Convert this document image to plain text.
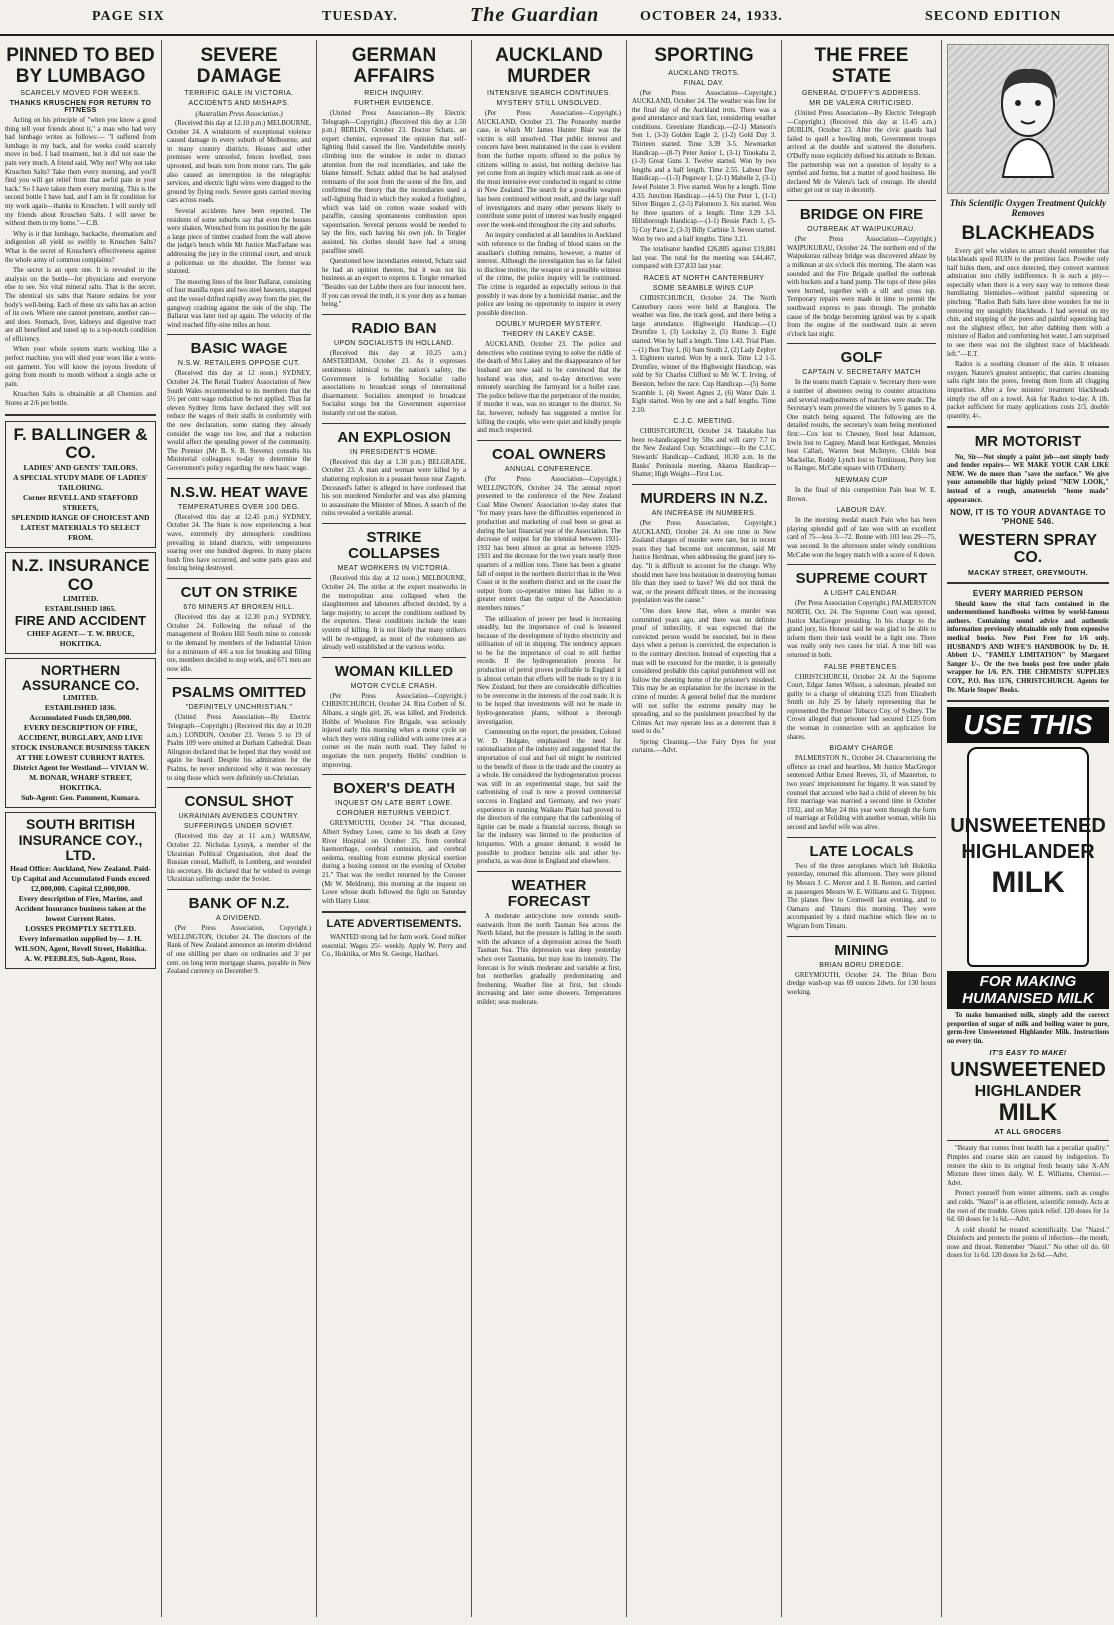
PAGE SIX	TUESDAY.	The Guardian	OCTOBER 24, 1933.	SECOND EDITION
PINNED TO BED BY LUMBAGO
SCARCELY MOVED FOR WEEKS.
THANKS KRUSCHEN FOR RETURN TO FITNESS

Acting on his principle of "when you know a good thing tell your friends about it," a man who had very bad lumbago writes as follows:— "I suffered from lumbago in my back, and for weeks could scarcely move in bed. I had treatment, but it did not ease the pain very much. A friend said, 'Why not? Why not take Kruschen Salts? Take them every morning, and you'll find you will get relief from that awful pain in your back.' So I have taken them every morning. This is the second bottle I have had, and I am in fit condition for my work again—thanks to Kruschen. I will surely tell my friends about Kruschen Salts. I will never be without them in my home."—C.B.

Why is it that lumbago, backache, rheumatism and indigestion all yield so swiftly to Kruschen Salts? What is the secret of Kruschen's effectiveness against the whole army of common complaints?

The secret is an open one. It is revealed in the analysis on the bottle—for physicians and everyone else to see. Six vital mineral salts. That is the secret. The identical six salts that Nature ordains for your body's well-being. Each of these six salts has an action of its own. Where one cannot penetrate, another can—and does. Stomach, liver, kidneys and digestive tract are all benefited and toned up to a top-notch condition of efficiency.

When your whole system starts working like a perfect machine, you will shed your woes like a worn-out garment. You will know the joyous freedom of going from month to month without a single ache or pain.

Kruschen Salts is obtainable at all Chemists and Stores at 2/6 per bottle.

F. BALLINGER & CO.
LADIES' AND GENTS' TAILORS.
A SPECIAL STUDY MADE OF LADIES' TAILORING.
Corner REVELL AND STAFFORD STREETS,
SPLENDID RANGE OF CHOICEST AND LATEST MATERIALS TO SELECT FROM.
N.Z. INSURANCE CO
LIMITED.
ESTABLISHED 1865.
FIRE AND ACCIDENT
CHIEF AGENT— T. W. BRUCE, HOKITIKA.
NORTHERN ASSURANCE CO.
LIMITED.
ESTABLISHED 1836.
Accumulated Funds £8,500,000.
EVERY DESCRIPTION OF FIRE, ACCIDENT, BURGLARY, AND LIVE STOCK INSURANCE BUSINESS TAKEN AT THE LOWEST CURRENT RATES.
District Agent for Westland— VIVIAN W. M. BONAR, WHARF STREET, HOKITIKA.
Sub-Agent: Geo. Pamment, Kumara.
SOUTH BRITISH INSURANCE COY., LTD.
Head Office: Auckland, New Zealand. Paid-Up Capital and Accumulated Funds exceed £2,000,000. Capital £2,000,000.
Every description of Fire, Marine, and Accident Insurance business taken at the lowest Current Rates.
LOSSES PROMPTLY SETTLED.
Every information supplied by— J. H. WILSON, Agent, Revell Street, Hokitika.
A. W. PEEBLES, Sub-Agent, Ross.
SEVERE DAMAGE
TERRIFIC GALE IN VICTORIA.
ACCIDENTS AND MISHAPS.
(Australian Press Association.)

(Received this day at 12.10 p.m.) MELBOURNE, October 24. A windstorm of exceptional violence caused damage in every suburb of Melbourne, and in many country districts. Houses and other premises were unroofed, fences levelled, trees uprooted, and boats torn from motor cars. The gale also caused an interruption in the telegraphic services, and electric light wires were dragged to the ground by flying roofs. Severe gusts carried moving cars across roads.

Several accidents have been reported. The residents of some suburbs say that even the houses were shaken. Wrenched from its position by the gale a large piece of timber crashed from the wall above the judge's bench while Mr Justice MacFarlane was addressing the jury in the criminal court, and struck a policeman on the shoulder. The former was stunned.

The mooring lines of the liner Ballarat, consisting of four manilla ropes and two steel hawsers, snapped and the vessel drifted rapidly away from the pier, the gangway crashing against the side of the ship. The Ballarat was later tied up again. The velocity of the wind reached fifty-nine miles an hour.

BASIC WAGE
N.S.W. RETAILERS OPPOSE CUT.

(Received this day at 12 noon.) SYDNEY, October 24. The Retail Traders' Association of New South Wales recommended to its members that the 5½ per cent wage reduction be not applied. Thus far eleven Sydney firms have declared they will not reduce the wages of their staffs in conformity with the new declaration, some stating they already consider the wage too low, and that a reduction would affect the spending power of the community. The Premier (Mr B. S. B. Stevens) consults his Ministerial colleagues to-day to determine the Government's policy regarding the new basic wage.

N.S.W. HEAT WAVE
TEMPERATURES OVER 100 DEG.

(Received this day at 12.45 p.m.) SYDNEY, October 24. The State is now experiencing a heat wave, extremely dry atmospheric conditions prevailing in inland districts, with temperatures soaring over one hundred degrees. In many places bush fires have occurred, and some parts grass and fencing being destroyed.

CUT ON STRIKE
670 MINERS AT BROKEN HILL.

(Received this day at 12.30 p.m.) SYDNEY, October 24. Following the refusal of the management of Broken Hill South mine to concede to the demand by members of the Industrial Union for a minimum of 4/6 a ton for breaking and filling ore, members decided to stop work, and 671 men are now idle.

PSALMS OMITTED
"DEFINITELY UNCHRISTIAN."

(United Press Association—By Electric Telegraph—Copyright.) (Received this day at 10.20 a.m.) LONDON, October 23. Verses 5 to 19 of Psalm 109 were omitted at Durham Cathedral. Dean Alington declared that he hoped that they would not again be heard. Despite his admiration for the Psalms, he never understood why it was necessary to sing those which were definitely un-Christian.

CONSUL SHOT
UKRAINIAN AVENGES COUNTRY.
SUFFERINGS UNDER SOVIET.

(Received this day at 11 a.m.) WARSAW, October 22. Nicholas Lysnyk, a member of the Ukrainian Political Organisation, shot dead the Russian consul, Mailloff, in Lemberg, and wounded his secretary. He declared that he wished to avenge Ukrainian sufferings under the Soviet.

BANK OF N.Z.
A DIVIDEND.

(Per Press Association, Copyright.) WELLINGTON, October 24. The directors of the Bank of New Zealand announce an interim dividend of one shilling per share on ordinaries and 3/ per cent. on long term mortgage shares, payable in New Zealand currency on December 9.

GERMAN AFFAIRS
REICH INQUIRY.
FURTHER EVIDENCE.

(United Press Association—By Electric Telegraph—Copyright.) (Received this day at 1.50 p.m.) BERLIN, October 23. Doctor Schatz, an expert chemist, expressed the opinion that self-lighting fluid caused the fire. Vanderlubbe merely climbing into the window in order to distract attention from the real incendiaries, and take the blame himself. Schatz added that he had analysed remnants of the soot from the scene of the fire, and confirmed the theory that the incendiaries used a self-lighting fluid in which they soaked a firelighter, which was laid on cotton waste soaked with paraffin, causing spontaneous combustion upon vapourisation. Several persons would be needed to lay the fire, each having his own job. In Torgler assisted, his clothes should have had a strong paraffine smell.

Questioned how incendiaries entered, Schatz said he had an opinion thereon, but it was not his business as an expert to express it. Torgler remarked "Besides van der Lubbe there are four innocent here. If you can reveal the truth, it is your duty as a human being."

RADIO BAN
UPON SOCIALISTS IN HOLLAND.

(Received this day at 10.25 a.m.) AMSTERDAM, October 23. As it expresses sentiments inimical to the nation's safety, the Government is forbidding Socialist radio associations to broadcast songs of international disarmament. Socialists attempted to broadcast Socialist songs but the Government supervisor instantly cut out the station.

AN EXPLOSION
IN PRESIDENT'S HOME.

(Received this day at 1.30 p.m.) BELGRADE, October 23. A man and woman were killed by a shattering explosion in a peasant house near Zagreb. Deceased's father is alleged to have confessed that his son murdered Nendorfer and was also planning to assassinate the Minister of Mines. A search of the ruins revealed a veritable arsenal.

STRIKE COLLAPSES
MEAT WORKERS IN VICTORIA.

(Received this day at 12 noon.) MELBOURNE, October 24. The strike at the export meatworks in the metropolitan area collapsed when the slaughtermen and labourers affected decided, by a large majority, to accept the conditions outlined by the exporters. These conditions include the team system of killing. It is not likely that many strikers will be re-engaged, as most of the volunteers are already well established at the various works.

WOMAN KILLED
MOTOR CYCLE CRASH.

(Per Press Association—Copyright.) CHRISTCHURCH, October 24. Rita Corbett of St. Albans, a single girl, 26, was killed, and Frederick Hobbs of Woolston Fire Brigade, was seriously injured early this morning when a motor cycle on which they were riding collided with some trees at a corner on the main north road. They failed to negotiate the turn properly. Hobbs' condition is improving.

BOXER'S DEATH
INQUEST ON LATE BERT LOWE.
CORONER RETURNS VERDICT.

GREYMOUTH, October 24. "That deceased, Albert Sydney Lowe, came to his death at Grey River Hospital on October 25, from cerebral haemorrhage, cerebral contusion, and cerebral oedema, resulting from extreme physical exertion during a boxing contest on the evening of October 21." That was the verdict returned by the Coroner (Mr W. Meldrum), this morning at the inquest on Lowe whose death followed the fight on Saturday with Harry Lister.

LATE ADVERTISEMENTS.

WANTED strong lad for farm work. Good milker essential. Wages 25/- weekly. Apply W. Perry and Co., Hokitika, or Mrs St. George, Harihari.

AUCKLAND MURDER
INTENSIVE SEARCH CONTINUES.
MYSTERY STILL UNSOLVED.

(Per Press Association—Copyright.) AUCKLAND, October 23. The Ponsonby murder case, in which Mr James Hunter Blair was the victim is still unsolved. That public interest and concern have been maintained in the case is evident from the further reports offered to the police by citizens willing to assist, but nothing decisive has yet come from an inquiry which must rank as one of the most intensive ever conducted in regard to crime in New Zealand. The search for a possible weapon has been continued without result, and the large staff of investigators and many other persons likely to contribute some point of interest was busily engaged over the week-end throughout the city and suburbs.

An inquiry conducted at all laundries in Auckland with reference to the finding of blood stains on the assailant's clothing remains, however, a matter of interest. Although the investigation has so far failed to disclose motive, the weapon or a possible witness of the crime, the police inquiry will be continued. The crime is regarded as especially serious in that possibly it was done by a homicidal maniac, and the police are losing no opportunity to inquire in every possible direction.

DOUBLY MURDER MYSTERY.
THEORY IN LAKEY CASE.

AUCKLAND, October 23. The police and detectives who continue trying to solve the riddle of the death of Mrs Lakey and the disappearance of her husband are now said to be convinced that the husband was shot, and to-day detectives were minutely searching the farmyard for a bullet case. The police believe that the perpetrator of the murder, if murder it was, was no stranger to the district. So far, however, nobody has suggested a motive for killing the couple, who were quiet and kindly people and much respected.

COAL OWNERS
ANNUAL CONFERENCE.

(Per Press Association—Copyright.) WELLINGTON, October 24. The annual report presented to the conference of the New Zealand Coal Mine Owners' Association to-day states that "for many years have the difficulties experienced in production and marketing of coal been so great as during the last financial year of the Association. The decrease of output for the triennial between 1931-1932 has been almost as great as between 1929-1931 and the decrease for the two years nearly three quarters of a million tons. There has been a greater fall of output in the northern district than in the West Coast or in the southern district and on the coast the output from co-operative mines has fallen to a greater extent than the output of the Association members mines."

The utilisation of power per head is increasing steadily, but the importance of coal is lessened because of the development of hydro electricity and utilisation of oil in shipping. The tendency appears to be for the importance of coal to still further recede. If the hydrogeneration process for production of petrol proves profitable in England it is almost certain that efforts will be made to try it in New Zealand, but there are considerable difficulties to be overcome in the interests of the coal trade. It is to be hoped that investments will not be made in hydro-generation plants, without a thorough investigation.

Commenting on the report, the president, Colonel W. D. Holgate, emphasised the need for rationalisation of the industry and suggested that the importation of coal and fuel oil might be restricted to the benefit of those in the trade and the country as a whole. He considered the hydrogeneration process was still in an experimental stage, but said the carbonising of coal is now a proved commercial success in England and Germany, and two years' experience in running Waikato Plain had proved to the directors of the company that the carbonising of lignite can be made a financial success, though so far the industry was limited to the production of briquettes. With a greater demand, it would be possible to produce benzine oils and other by-products, as was done in England and elsewhere.

WEATHER FORECAST

A moderate anticyclone now extends south-eastwards from the north Tasman Sea across the North Island, but the pressure is falling in the south with the advance of a depression across the South Tasman Sea. This depression was deep yesterday when over Tasmania, but may lose its intensity. The forecast is for winds moderate and variable at first, but northerlies gradually predominating and freshening. Weather fine at first, but clouds increasing and later some showers. Temperatures milder; seas moderate.

SPORTING
AUCKLAND TROTS.
FINAL DAY.

(Per Press Association—Copyright.) AUCKLAND, October 24. The weather was fine for the final day of the Auckland trots. There was a good attendance and track fast, considering weather conditions. Greenlane Handicap.—(2-1) Manson's Son 1, (3-3) Golden Eagle 2, (1-2) Gold Day 3. Thirteen started. Time 3.39 3-5. Newmarket Handicap.—(8-7) Peter Junior 1, (3-1) Tinokaha 2, (1-3) Great Guns 3. Twelve started. Won by two lengths and a half length. Time 2.55. Labour Day Handicap.—(1-3) Pegaway 1, (2-1) Mabelle 2, (3-1) Jewel Pointer 3. Five started. Won by a length. Time 4.33. Junction Handicap.—(4-5) Our Peter 1, (1-1) Silver Bingen 2, (2-5) Palomoro 3. Six started. Won by three quarters of a length. Time 3.29 3-5. Hillsborough Handicap.—(1-1) Bessie Patch 1, (5-5) Coy Paree 2, (3-3) Billy Carbine 3. Seven started. Won by two and a half lengths. Time 3.21.

The totalisator handled £26,885 against £19,881 last year. The total for the meeting was £44,467, compared with £37,833 last year.

RACES AT NORTH CANTERBURY
SOME SEAMBLE WINS CUP.

CHRISTCHURCH, October 24. The North Canterbury races were held at Rangiora. The weather was fine, the track good, and there being a large attendance. Highweight Handicap.—(1) Drumfire 1, (3) Lockslay 2, (5) Rumo 3. Eight started. Won by half a length. Time 1.43. Trial Plate.—(1) Bon Tray 1, (6) Sam Smith 2, (2) Lady Zephyr 3. Eighteen started. Won by a neck. Time 1.2 1-5. Drumfire, winner of the Highweight Handicap, was sold by Sir Charles Clifford to Mr W. T. Irving, of Beeston, before the race. Cup Handicap.—(5) Some Scamble 1, (4) Sweet Agnes 2, (6) Water Dale 3. Eight started. Won by one and a half lengths. Time 2.10.

C.J.C. MEETING.

CHRISTCHURCH, October 24. Takakahu has been re-handicapped by 5lbs and will carry 7.7 in the New Zealand Cup. Scratchings:—In the C.J.C. Stewards' Handicap—Cudland, 10.30 a.m. In the Banks' Peninsula meeting, Akaroa Handicap—Shatter; High Weight—First Lux.

MURDERS IN N.Z.
AN INCREASE IN NUMBERS.

(Per Press Association, Copyright.) AUCKLAND, October 24. At one time in New Zealand charges of murder were rare, but in recent years they had become not uncommon, said Mr Justice Herdman, when addressing the grand jury to-day. "It is difficult to account for the change. Why should men have less hesitation in destroying human life than they used to have? We did not think the war, or the present difficult times, or the increasing population was the cause."

"One does know that, when a murder was committed years ago, and there was no definite proof of imbecility, it was expected that the convicted person would be executed, but in these days when a person is convicted, the expectation is to the contrary direction. Instead of expecting that a man will be executed for the murder, it is generally considered probable this capital punishment will not follow the sheeting home of the prisoner's misdeed. This may be an explanation for the increase in the crime of murder. A general belief that the murderer will not suffer the extreme penalty may be spreading, and so the punishment prescribed by the Crimes Act may operate less as a deterrent than it used to do."

Spring Cleaning.—Use Fairy Dyes for your curtains.—Advt.

THE FREE STATE
GENERAL O'DUFFY'S ADDRESS.
MR DE VALERA CRITICISED.

(United Press Association—By Electric Telegraph—Copyright.) (Received this day at 11.45 a.m.) DUBLIN, October 23. After the civic guards had failed to quell a howling mob, Government troops arrived at the double and scattered the disturbers. O'Duffy more explicitly defined his attitude to Britain. The partnership was not a question of loyalty to a symbol and forms, but a matter of good business. He declared Mr de Valera's lack of courage. He should either get out or stay in decently.

BRIDGE ON FIRE
OUTBREAK AT WAIPUKURAU.

(Per Press Association—Copyright.) WAIPUKURAU, October 24. The northern end of the Waipukurau railway bridge was discovered ablaze by a milkman at six o'clock this morning. The alarm was sounded and the Fire Brigade quelled the outbreak with buckets and a hand pump. The tops of three piles were burned, together with a sill and cross top. Temporary repairs were made in time to permit the southward express to pass through. The probable cause of the bridge becoming ignited was by a spark from the engine of the southward train at seven o'clock last night.

GOLF
CAPTAIN V. SECRETARY MATCH

In the teams match Captain v. Secretary there were a number of absentees owing to counter attractions and several readjustments of matches were made. The Secretary's team proved the winners by 5 games to 4. One match being squared. The following are the detailed results, the secretary's team being mentioned first:—Cox lost to Chesney, Steel beat Adamson, Irwin lost to Cagney, Mandl beat Kettlegast, Menzies beat Callari, Warren beat McIntyre, Childs beat Mackellar, Roddy Lynch lost to Tomlinson, Perry lost to Rainger, McCabe square with O'Doherty.

NEWMAN CUP

In the final of this competition Pain beat W. E. Brown.

LABOUR DAY.

In the morning medal match Pain who has been playing splendid golf of late won with an excellent card of 75—less 3—72. Bonne with 103 less 29—75, was second. In the afternoon under windy conditions McCabe won the bogey match with a score of 6 down.

SUPREME COURT
A LIGHT CALENDAR.

(Per Press Association Copyright.) PALMERSTON NORTH, Oct. 24. The Supreme Court was opened, Justice MacGregor presiding. In his charge to the grand jury, his Honour said he was glad to be able to inform them their task would be a light one. There was really only two cases for trial. A true bill was returned in both.

FALSE PRETENCES.

CHRISTCHURCH, October 24. At the Supreme Court, Edgar James Wilson, a salesman, pleaded not guilty to a charge of obtaining £125 from Elizabeth Smith on July 25 by falsely representing that he represented the Premier Tobacco Coy. of Sydney. The Crown alleged that prisoner had secured £125 from the woman in connection with an application for shares.

BIGAMY CHARGE

PALMERSTON N., October 24. Characterising the offence as cruel and heartless, Mr Justice MacGregor sentenced Arthur Ernest Reeves, 31, of Masterton, to two years' imprisonment for bigamy. It was stated by counsel that accused who had a child of eleven by his first marriage was married a second time in October 1932, and on May 24 this year went through the form of marriage at Feilding with another woman, while his second and lawful wife was alive.

LATE LOCALS

Two of the three aeroplanes which left Hokitika yesterday, returned this afternoon. They were piloted by Messrs J. C. Mercer and J. B. Renton, and carried as passengers Messrs W. E. Williams and G. Trippner. The planes flew to Cromwell last evening, and to Oamaru and Timaru this morning. They were accompanied by a third machine which flew on to Wigram from Timaru.

MINING
BRIAN BORU DREDGE.

GREYMOUTH, October 24. The Brian Boru dredge wash-up was 69 ounces 2dwts. for 130 hours working.

This Scientific Oxygen Treatment Quickly Removes
BLACKHEADS

Every girl who wishes to attract should remember that blackheads spoil RUIN to the prettiest face. Powder only half hides them, and once detected, they convert warmest admiration into chilly indifference. It is such a pity—especially when there is a very easy way to remove these humiliating blemishes—without painful squeezing or pinching. "Radox Bath Salts have done wonders for me in removing my unsightly blackheads. I had several on my chin, and stopping of the pores and painful squeezing had not the slightest effect, but after dabbing them with a mixture of Radox and comforting hot water, I am surprised to see there was not the slightest trace of blackheads left."—E.T.

Radox is a soothing cleanser of the skin. It releases oxygen. Nature's greatest antiseptic, that carries cleansing salts right into the pores, freeing them from all clogging impurities. After a few minutes' treatment blackheads simply rise off on a towel. Ask for Radox to-day. A 1lb. packet sufficient for many applications costs 2/3, double quantity, 4/-.

MR MOTORIST

No, Sir—Not simply a paint job—not simply body and fender repairs— WE MAKE YOUR CAR LIKE NEW. We do more than "save the surface." We give your automobile that highly prized "NEW LOOK," instead of a rough, amateurish "home made" appearance.

NOW, IT IS TO YOUR ADVANTAGE TO 'PHONE 546.
WESTERN SPRAY CO.
MACKAY STREET, GREYMOUTH.
EVERY MARRIED PERSON

Should know the vital facts contained in the undermentioned handbooks written by world-famous authors. Containing sound advice and authentic information previously obtainable only from expensive medical books. Now Post Free for 1/6 only. HUSBAND'S AND WIFE'S HANDBOOK by Dr. H. Abbott 1/-. "FAMILY LIMITATION" by Margaret Sanger 1/-. Or the two books post free under plain wrapper for 1/6. P.N. THE CHEMISTS' SUPPLIES COY., P.O. Box 1176, CHRISTCHURCH. Agents for Dr. Marie Stopes' Books.

USE THIS
UNSWEETENED
HIGHLANDER
MILK
FOR MAKING HUMANISED MILK

To make humanised milk, simply add the correct proportion of sugar of milk and boiling water to pure, germ-free Unsweetened Highlander Milk. Instructions on every tin.

IT'S EASY TO MAKE!
UNSWEETENED
HIGHLANDER
MILK
AT ALL GROCERS

"Beauty that comes from health has a peculiar quality." Pimples and coarse skin are caused by indigestion. To restore the skin to its original fresh beauty take X-AN Mixture three times daily. W. E. Williams, Chemist.—Advt.

Protect yourself from winter ailments, such as coughs and colds. "Nazol" is an efficient, scientific remedy. Acts at the root of the trouble. Gives quick relief. 120 doses for 1s 6d. 60 doses for 1s 6d.—Advt.

A cold should be treated scientifically. Use "Nazol." Disinfects and protects the points of infection—the mouth, nose and throat. Remember "Nazol." No other oil do. 60 doses for 1s 6d. 120 doses for 2s 6d.—Advt.
